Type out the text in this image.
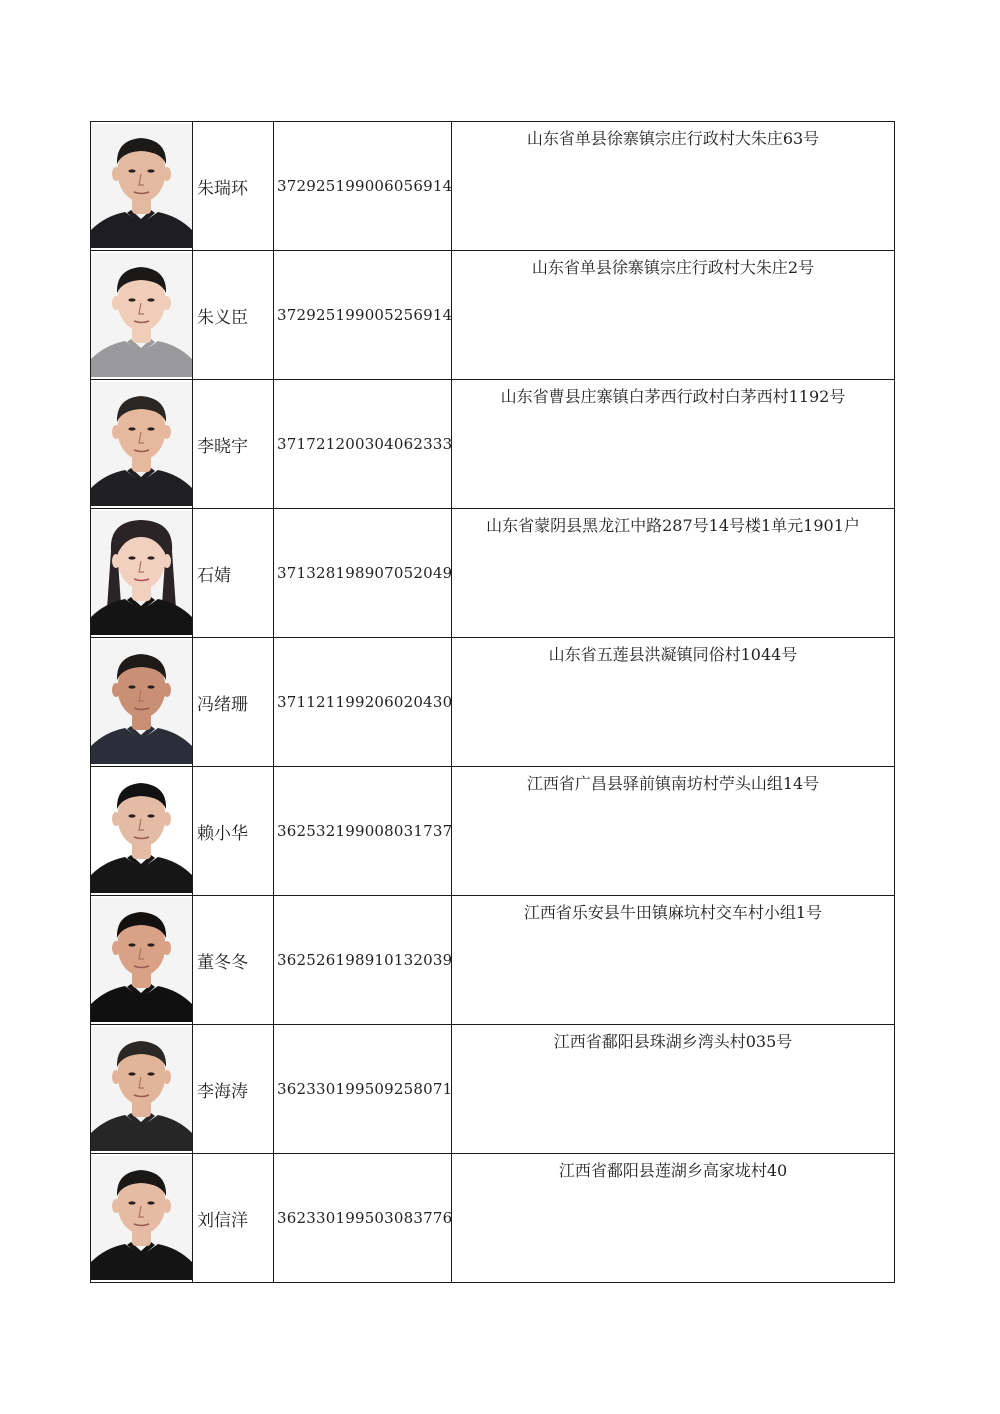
	朱瑞环	372925199006056914	山东省单县徐寨镇宗庄行政村大朱庄63号

	朱义臣	372925199005256914	山东省单县徐寨镇宗庄行政村大朱庄2号

	李晓宇	371721200304062333	山东省曹县庄寨镇白茅西行政村白茅西村1192号

	石婧	371328198907052049	山东省蒙阴县黑龙江中路287号14号楼1单元1901户

	冯绪珊	371121199206020430	山东省五莲县洪凝镇同俗村1044号

	赖小华	362532199008031737	江西省广昌县驿前镇南坊村苧头山组14号

	董冬冬	362526198910132039	江西省乐安县牛田镇麻坑村交车村小组1号

	李海涛	362330199509258071	江西省鄱阳县珠湖乡湾头村035号

	刘信洋	362330199503083776	江西省鄱阳县莲湖乡高家垅村40
